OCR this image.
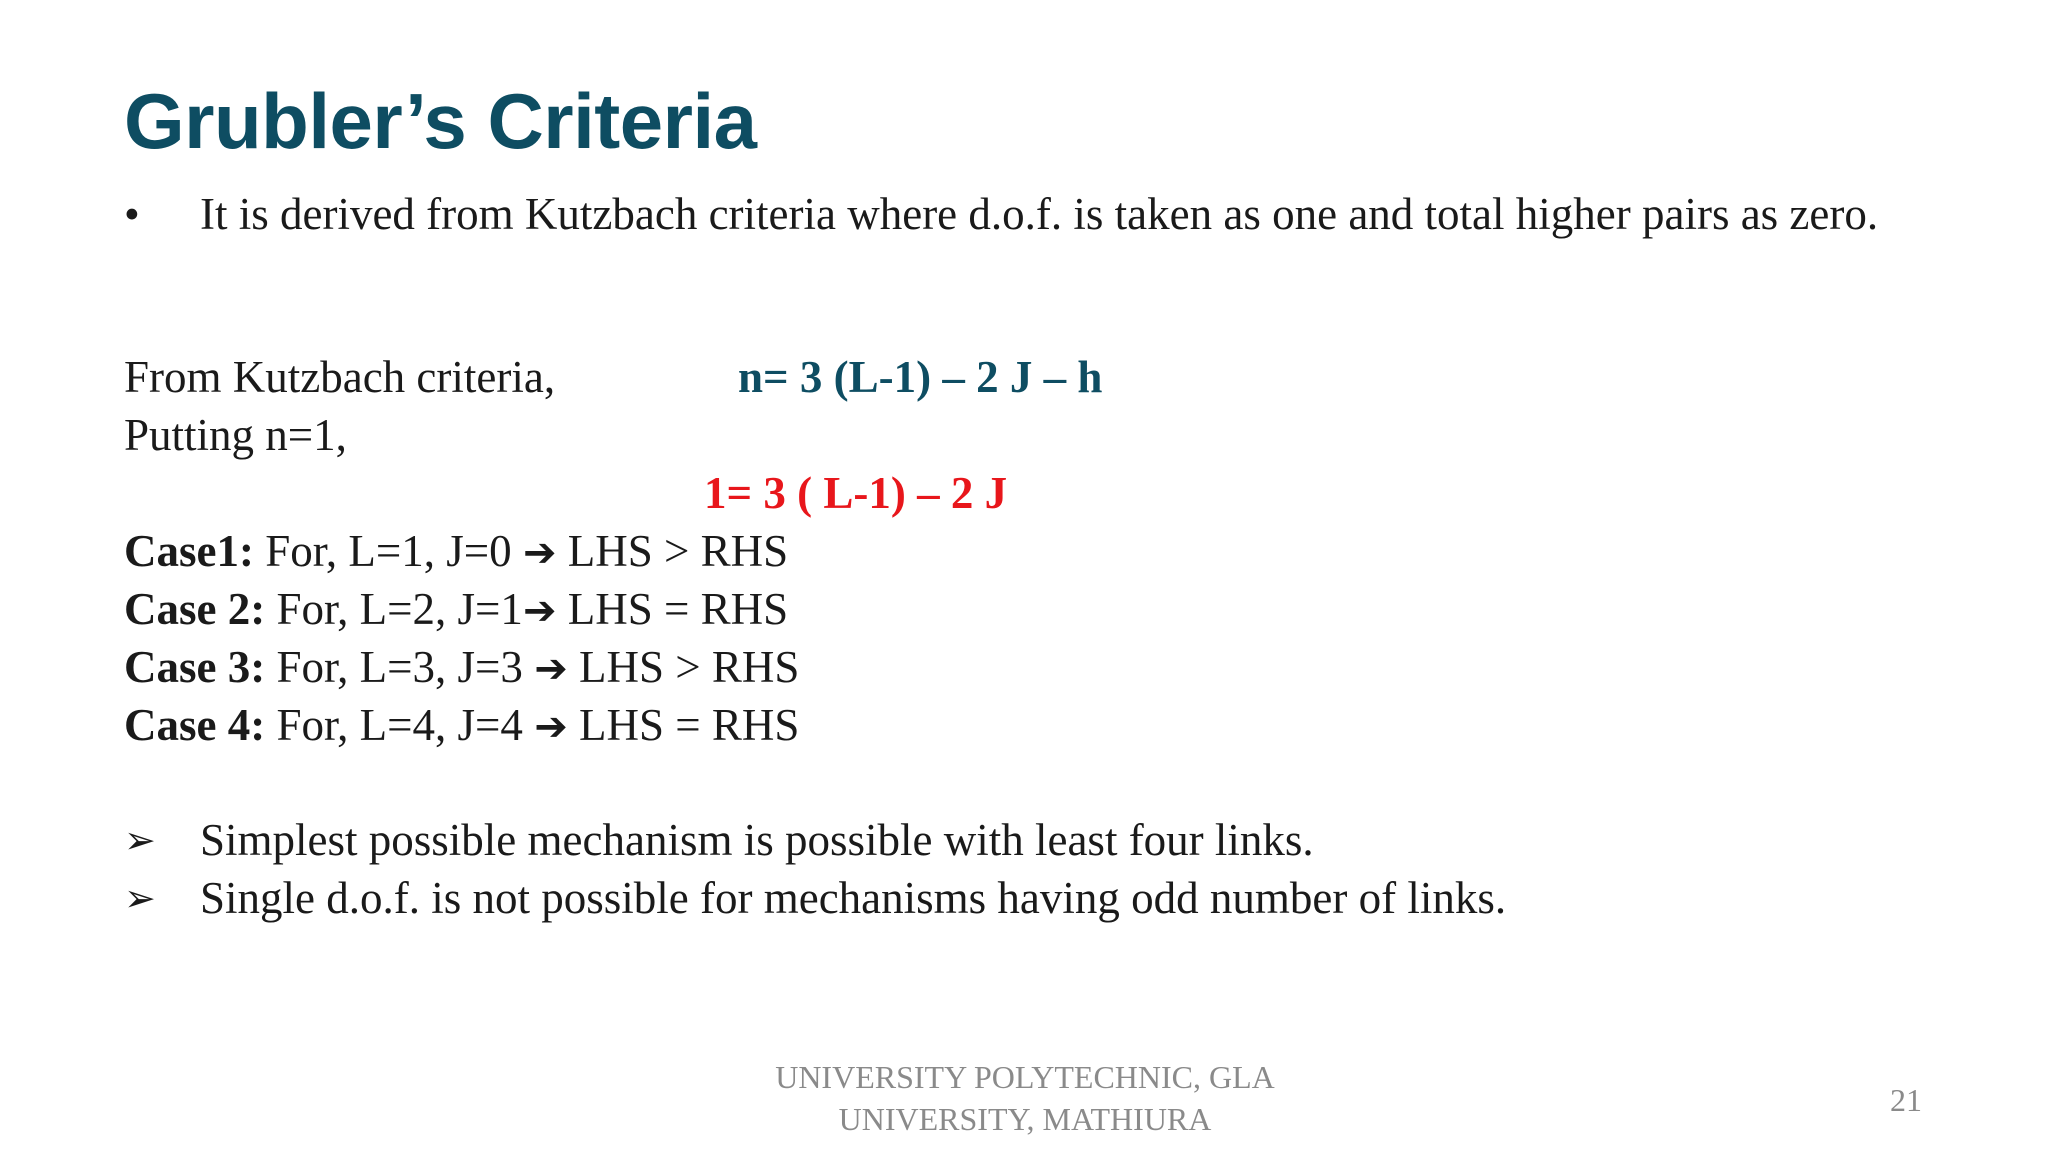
Grubler’s Criteria
• It is derived from Kutzbach criteria where d.o.f. is taken as one and total higher pairs as zero.
From Kutzbach criteria,	n= 3 (L-1) – 2 J – h
Putting n=1,
1= 3 ( L-1) – 2 J
Case1: For, L=1, J=0 ➔ LHS > RHS
Case 2: For, L=2, J=1➔ LHS = RHS
Case 3: For, L=3, J=3 ➔ LHS > RHS
Case 4: For, L=4, J=4 ➔ LHS = RHS
➢ Simplest possible mechanism is possible with least four links.
➢ Single d.o.f. is not possible for mechanisms having odd number of links.
UNIVERSITY POLYTECHNIC, GLA
UNIVERSITY, MATHIURA
21
